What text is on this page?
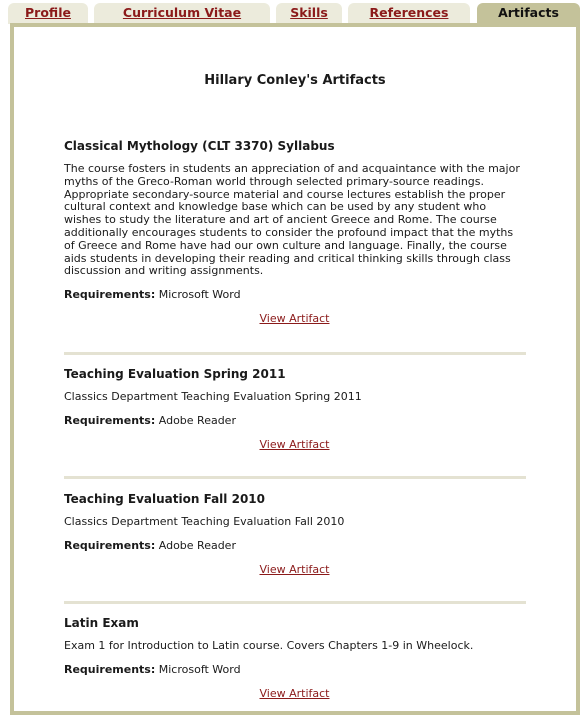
Profile	Curriculum Vitae	Skills	References	Artifacts
Hillary Conley's Artifacts

Classical Mythology (CLT 3370) Syllabus

The course fosters in students an appreciation of and acquaintance with the major myths of the Greco-Roman world through selected primary-source readings. Appropriate secondary-source material and course lectures establish the proper cultural context and knowledge base which can be used by any student who wishes to study the literature and art of ancient Greece and Rome. The course additionally encourages students to consider the profound impact that the myths of Greece and Rome have had our own culture and language. Finally, the course aids students in developing their reading and critical thinking skills through class discussion and writing assignments.

Requirements: Microsoft Word

View Artifact

Teaching Evaluation Spring 2011

Classics Department Teaching Evaluation Spring 2011

Requirements: Adobe Reader

View Artifact

Teaching Evaluation Fall 2010

Classics Department Teaching Evaluation Fall 2010

Requirements: Adobe Reader

View Artifact

Latin Exam

Exam 1 for Introduction to Latin course. Covers Chapters 1-9 in Wheelock.

Requirements: Microsoft Word

View Artifact
